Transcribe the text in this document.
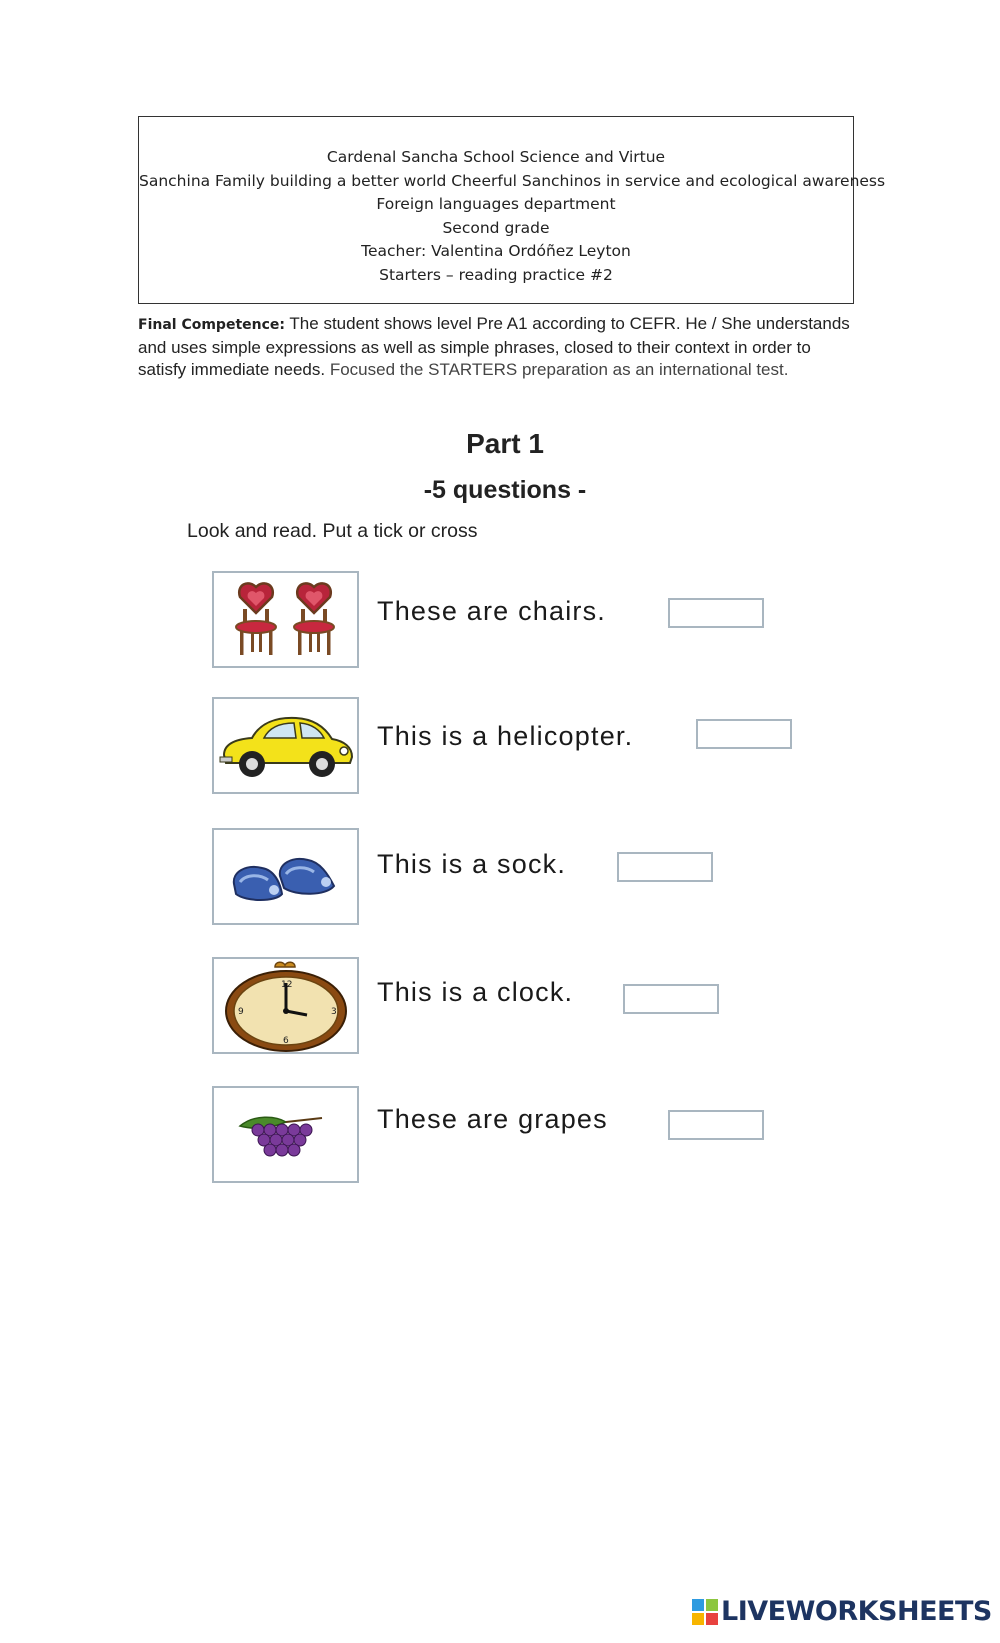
Cardenal Sancha School Science and Virtue
Sanchina Family building a better world Cheerful Sanchinos in service and ecological awareness
Foreign languages department
Second grade
Teacher: Valentina Ordóñez Leyton
Starters – reading practice #2
Final Competence: The student shows level Pre A1 according to CEFR. He / She understands and uses simple expressions as well as simple phrases, closed to their context in order to satisfy immediate needs. Focused the STARTERS preparation as an international test.
Part 1
-5 questions -
Look and read. Put a tick or cross
These are chairs.
This is a helicopter.
This is a sock.
12
3
6
9
This is a clock.
These are grapes
LIVEWORKSHEETS
